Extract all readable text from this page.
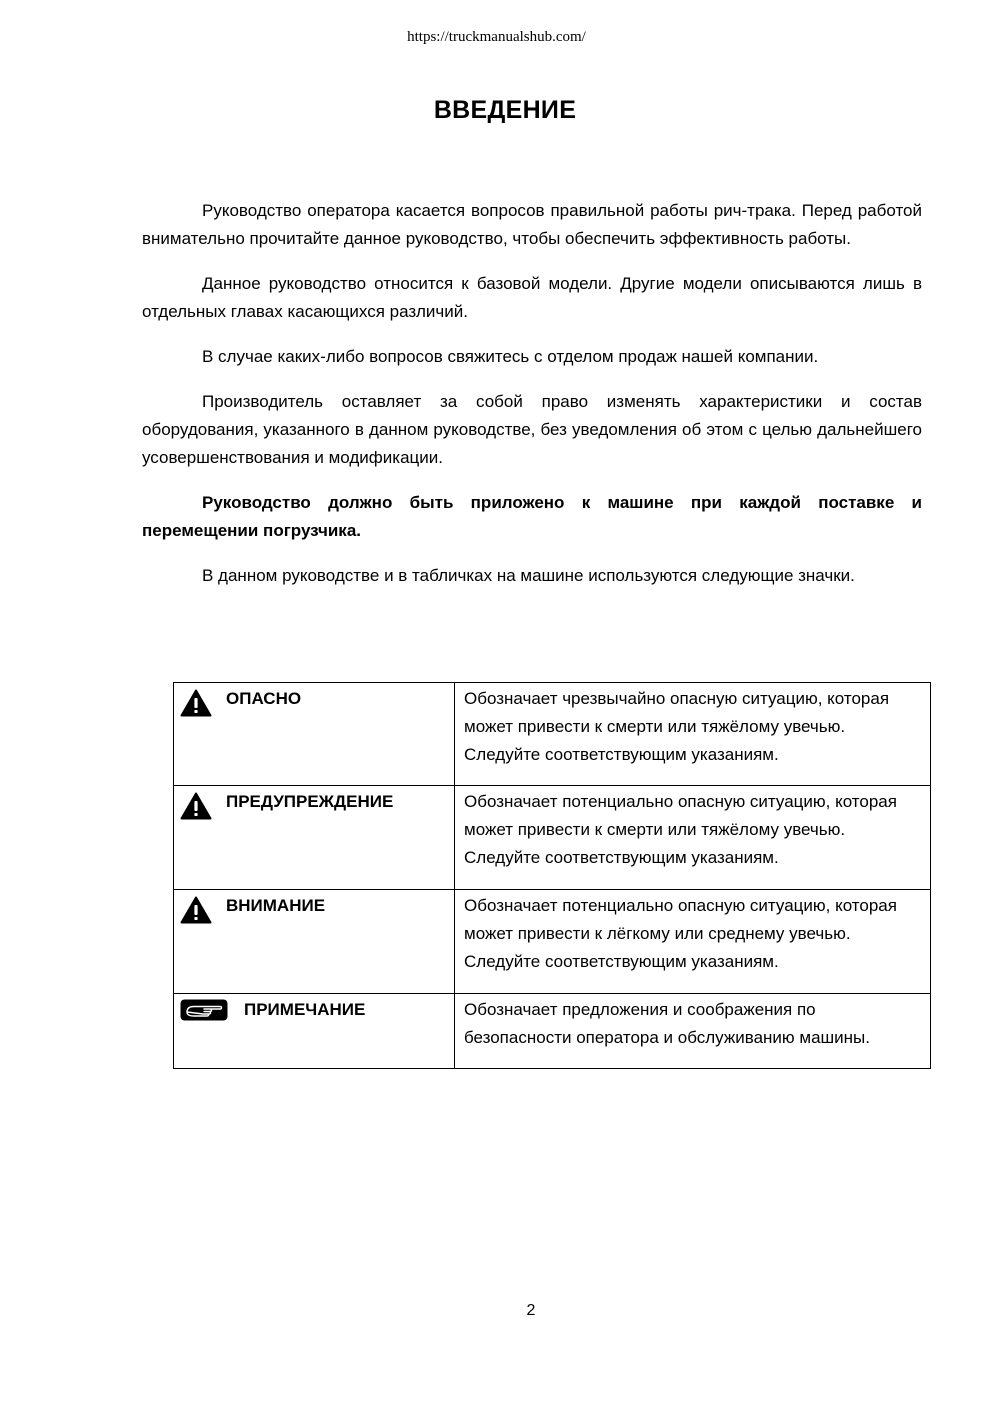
https://truckmanualshub.com/
ВВЕДЕНИЕ

Руководство оператора касается вопросов правильной работы рич-трака. Перед работой внимательно прочитайте данное руководство, чтобы обеспечить эффективность работы.

Данное руководство относится к базовой модели. Другие модели описываются лишь в отдельных главах касающихся различий.

В случае каких-либо вопросов свяжитесь с отделом продаж нашей компании.

Производитель оставляет за собой право изменять характеристики и состав оборудования, указанного в данном руководстве, без уведомления об этом с целью дальнейшего усовершенствования и модификации.

Руководство должно быть приложено к машине при каждой поставке и перемещении погрузчика.

В данном руководстве и в табличках на машине используются следующие значки.

ОПАСНО	Обозначает чрезвычайно опасную ситуацию, которая может привести к смерти или тяжёлому увечью. Следуйте соответствующим указаниям.

ПРЕДУПРЕЖДЕНИЕ	Обозначает потенциально опасную ситуацию, которая может привести к смерти или тяжёлому увечью. Следуйте соответствующим указаниям.

ВНИМАНИЕ	Обозначает потенциально опасную ситуацию, которая может привести к лёгкому или среднему увечью. Следуйте соответствующим указаниям.

ПРИМЕЧАНИЕ	Обозначает предложения и соображения по безопасности оператора и обслуживанию машины.
2
